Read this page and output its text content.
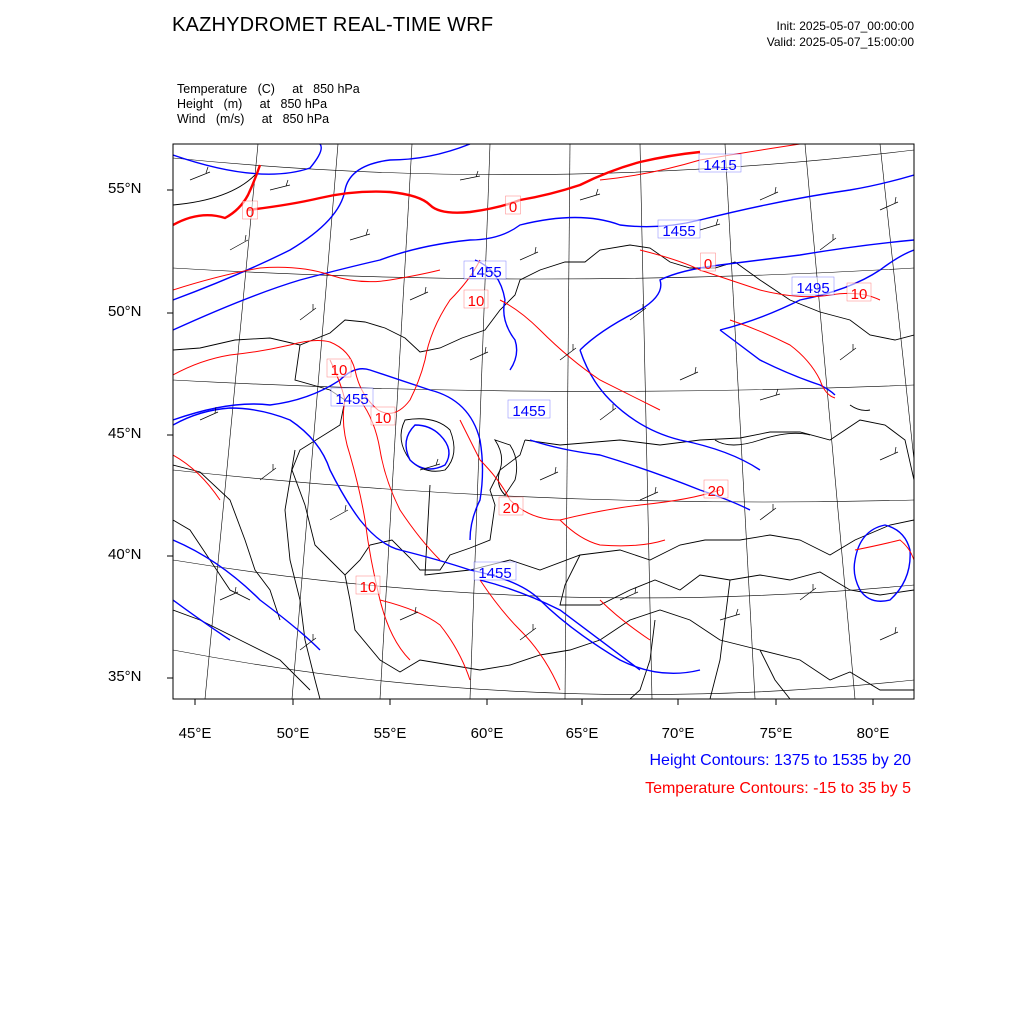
KAZHYDROMET REAL-TIME WRF	Init: 2025-05-07_00:00:00
Valid: 2025-05-07_15:00:00
Temperature   (C)     at   850 hPa
Height   (m)     at   850 hPa
Wind   (m/s)     at   850 hPa
1415
1455
1455
1495
1455
1455
1455
0	0
0
10
10
10
10
20
20
10
55°N
50°N
45°N
40°N
35°N
45°E	50°E	55°E	60°E	65°E	70°E	75°E	80°E
Height Contours: 1375 to 1535 by 20
Temperature Contours: -15 to 35 by 5
